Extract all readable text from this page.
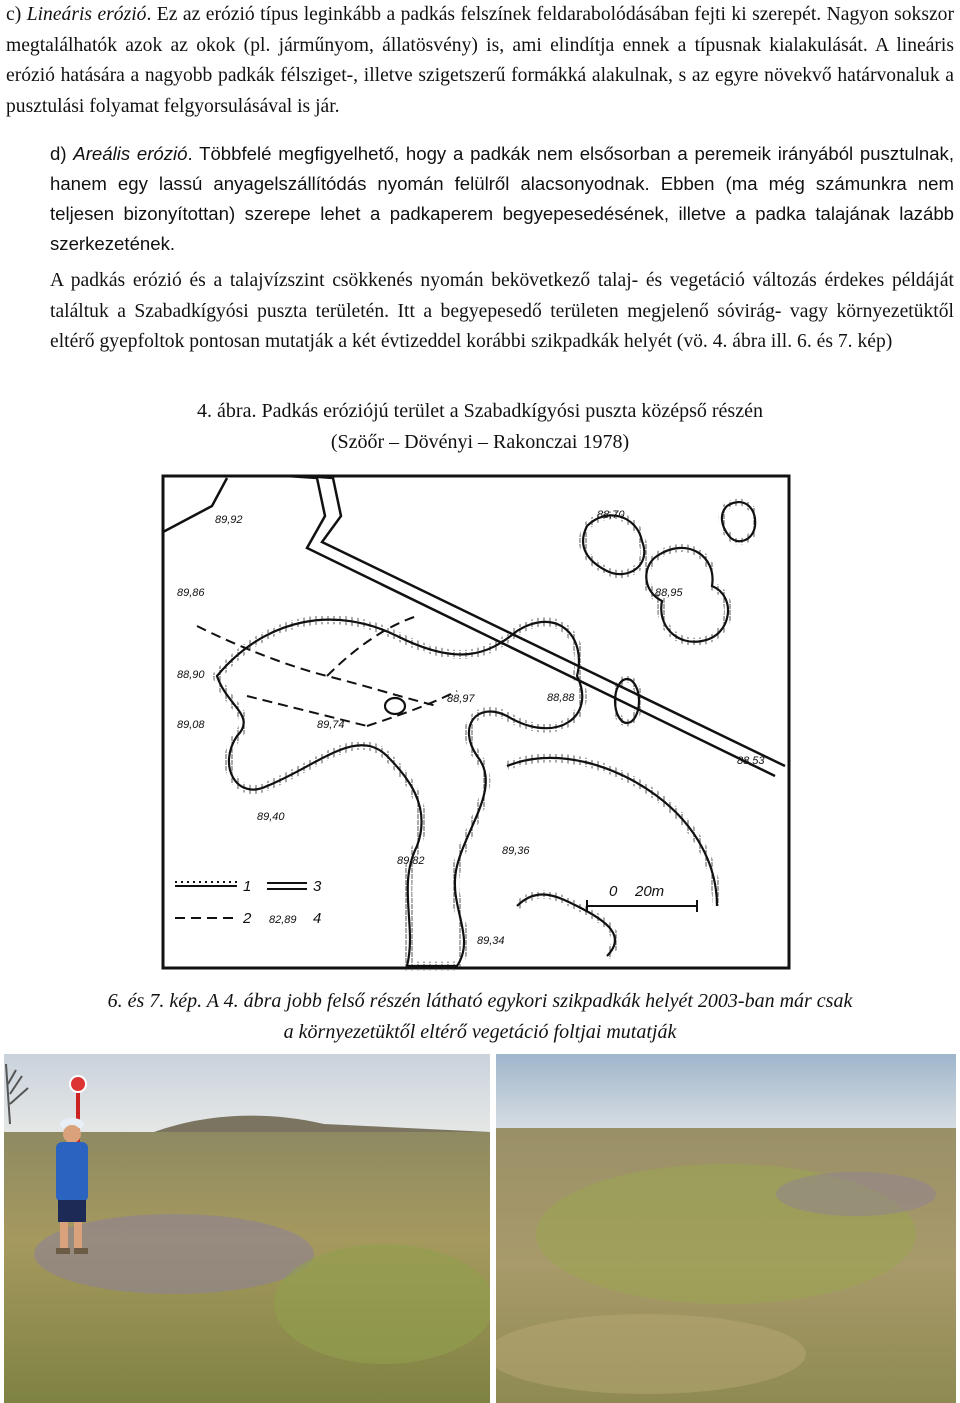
c) Lineáris erózió. Ez az erózió típus leginkább a padkás felszínek feldarabolódásában fejti ki szerepét. Nagyon sokszor megtalálhatók azok az okok (pl. járműnyom, állatösvény) is, ami elindítja ennek a típusnak kialakulását. A lineáris erózió hatására a nagyobb padkák félsziget-, illetve szigetszerű formákká alakulnak, s az egyre növekvő határvonaluk a pusztulási folyamat felgyorsulásával is jár.

d) Areális erózió. Többfelé megfigyelhető, hogy a padkák nem elsősorban a peremeik irányából pusztulnak, hanem egy lassú anyagelszállítódás nyomán felülről alacsonyodnak. Ebben (ma még számunkra nem teljesen bizonyítottan) szerepe lehet a padkaperem begyepesedésének, illetve a padka talajának lazább szerkezetének.

A padkás erózió és a talajvízszint csökkenés nyomán bekövetkező talaj- és vegetáció változás érdekes példáját találtuk a Szabadkígyósi puszta területén. Itt a begyepesedő területen megjelenő sóvirág- vagy környezetüktől eltérő gyepfoltok pontosan mutatják a két évtizeddel korábbi szikpadkák helyét (vö. 4. ábra ill. 6. és 7. kép)

4. ábra. Padkás eróziójú terület a Szabadkígyósi puszta középső részén
(Szöőr – Dövényi – Rakonczai 1978)

89,92	88,70
88,95
89,86
88,90
89,08
88,97	88,88
89,74
89,40
88,53
89,82
89,36
89,34
1
2
3
82,89 4
0 20m

6. és 7. kép. A 4. ábra jobb felső részén látható egykori szikpadkák helyét 2003-ban már csak
a környezetüktől eltérő vegetáció foltjai mutatják
